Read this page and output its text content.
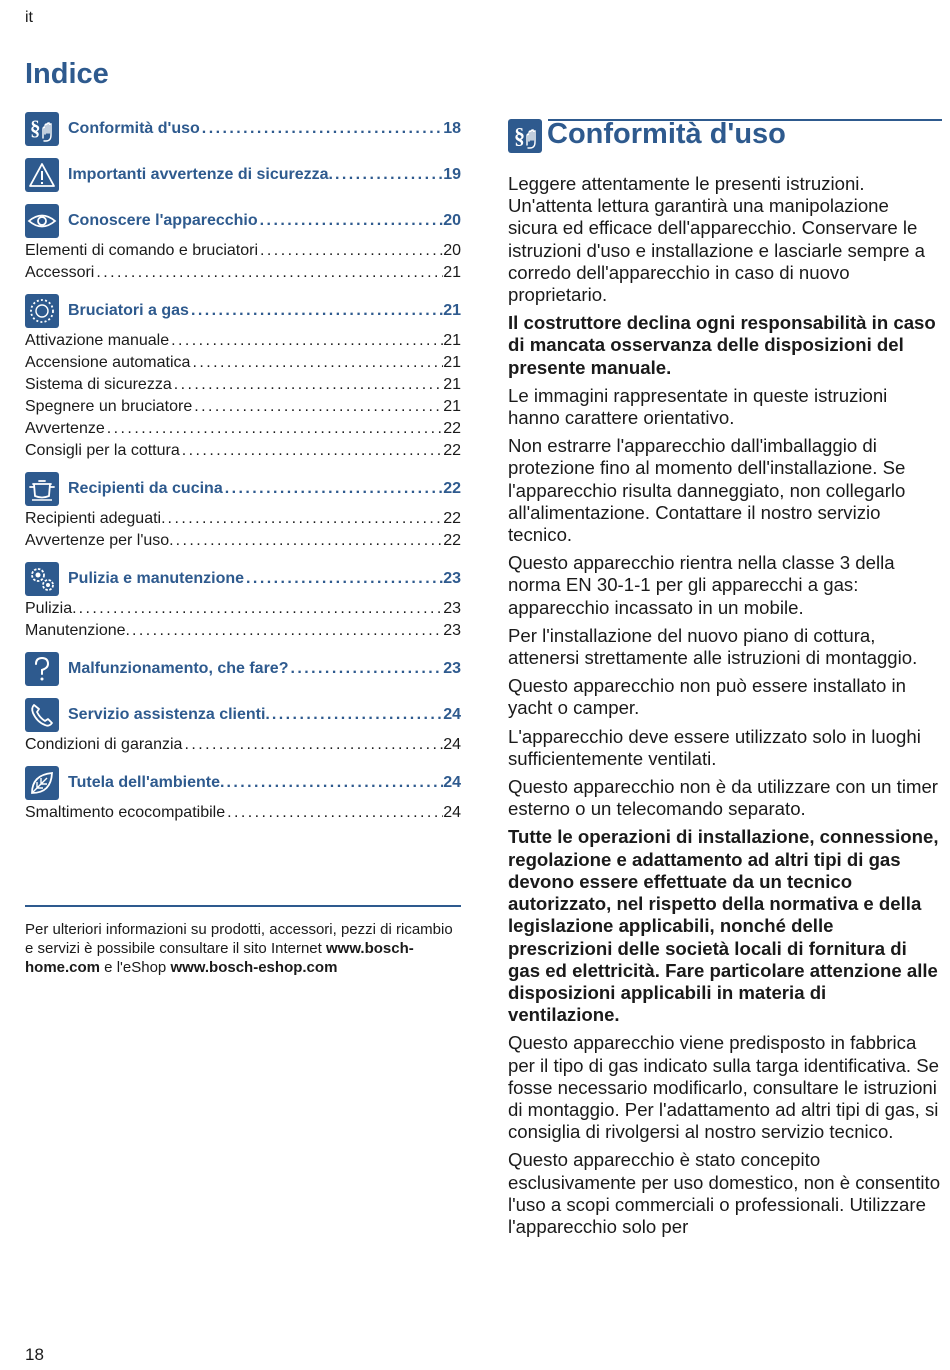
it
Indice
§ Conformità d'uso . . .	18
Importanti avvertenze di sicurezza. . . .	19
Conoscere l'apparecchio . . .	20
Elementi di comando e bruciatori . . .	20
Accessori . . .	21
Bruciatori a gas . . .	21
Attivazione manuale . . .	21
Accensione automatica . . .	21
Sistema di sicurezza . . .	21
Spegnere un bruciatore . . .	21
Avvertenze . . .	22
Consigli per la cottura . . .	22
Recipienti da cucina . . .	22
Recipienti adeguati. . . .	22
Avvertenze per l'uso. . . .	22
Pulizia e manutenzione . . .	23
Pulizia. . . .	23
Manutenzione. . . .	23
Malfunzionamento, che fare? . . .	23
Servizio assistenza clienti. . . .	24
Condizioni di garanzia . . .	24
Tutela dell'ambiente. . . .	24
Smaltimento ecocompatibile . . .	24
Per ulteriori informazioni su prodotti, accessori, pezzi di ricambio e servizi è possibile consultare il sito Internet www.bosch-home.com e l'eShop www.bosch-eshop.com
§ Conformità d'uso

Leggere attentamente le presenti istruzioni. Un'attenta lettura garantirà una manipolazione sicura ed efficace dell'apparecchio. Conservare le istruzioni d'uso e installazione e lasciarle sempre a corredo dell'apparecchio in caso di nuovo proprietario.

Il costruttore declina ogni responsabilità in caso di mancata osservanza delle disposizioni del presente manuale.

Le immagini rappresentate in queste istruzioni hanno carattere orientativo.

Non estrarre l'apparecchio dall'imballaggio di protezione fino al momento dell'installazione. Se l'apparecchio risulta danneggiato, non collegarlo all'alimentazione. Contattare il nostro servizio tecnico.

Questo apparecchio rientra nella classe 3 della norma EN 30-1-1 per gli apparecchi a gas: apparecchio incassato in un mobile.

Per l'installazione del nuovo piano di cottura, attenersi strettamente alle istruzioni di montaggio.

Questo apparecchio non può essere installato in yacht o camper.

L'apparecchio deve essere utilizzato solo in luoghi sufficientemente ventilati.

Questo apparecchio non è da utilizzare con un timer esterno o un telecomando separato.

Tutte le operazioni di installazione, connessione, regolazione e adattamento ad altri tipi di gas devono essere effettuate da un tecnico autorizzato, nel rispetto della normativa e della legislazione applicabili, nonché delle prescrizioni delle società locali di fornitura di gas ed elettricità. Fare particolare attenzione alle disposizioni applicabili in materia di ventilazione.

Questo apparecchio viene predisposto in fabbrica per il tipo di gas indicato sulla targa identificativa. Se fosse necessario modificarlo, consultare le istruzioni di montaggio. Per l'adattamento ad altri tipi di gas, si consiglia di rivolgersi al nostro servizio tecnico.

Questo apparecchio è stato concepito esclusivamente per uso domestico, non è consentito l'uso a scopi commerciali o professionali. Utilizzare l'apparecchio solo per

18
